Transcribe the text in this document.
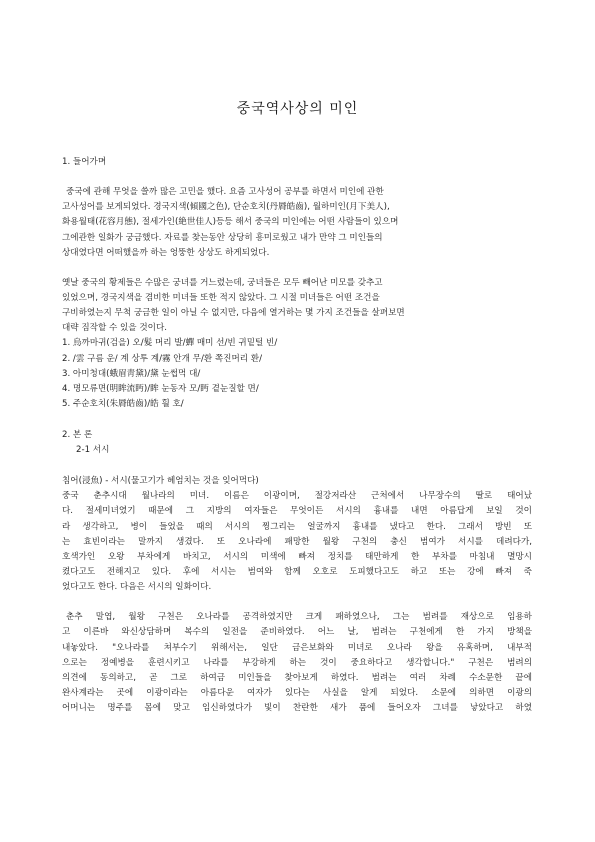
중국역사상의 미인
1. 들어가며
중국에 관해 무엇을 쓸까 많은 고민을 했다. 요즘 고사성어 공부를 하면서 미인에 관한
고사성어를 보게되었다. 경국지색(傾國之色), 단순호치(丹脣皓齒), 월하미인(月下美人),
화용월태(花容月態), 절세가인(絶世佳人)등등 해서 중국의 미인에는 어떤 사람들이 있으며
그에관한 일화가 궁금했다. 자료를 찾는동안 상당히 흥미로웠고 내가 만약 그 미인들의
상대였다면 어떠했을까 하는 엉뚱한 상상도 하게되었다.
옛날 중국의 황제들은 수많은 궁녀를 거느렸는데, 궁녀들은 모두 빼어난 미모를 갖추고
있었으며, 경국지색을 겸비한 미녀들 또한 적지 않았다. 그 시절 미녀들은 어떤 조건을
구비하였는지 무척 궁금한 일이 아닐 수 없지만, 다음에 열거하는 몇 가지 조건들을 살펴보면
대략 짐작할 수 있을 것이다.
1. 烏까마귀(검을) 오/髮 머리 발/蟬 매미 선/빈 귀밑털 빈/
2. /雲 구름 운/ 계 상투 계/霧 안개 무/환 쪽진머리 환/
3. 아미청대(蛾眉靑黛)/黛 눈썹먹 대/
4. 명모류면(明眸流眄)/眸 눈동자 모/眄 곁눈질할 면/
5. 주순호치(朱脣皓齒)/皓 흴 호/
2. 본 론
2-1 서시
침어(浸魚) - 서시(물고기가 헤엄치는 것을 잊어먹다)
중국 춘추시대 월나라의 미녀. 이름은 이광이며, 절강저라산 근처에서 나무장수의 딸로 태어났
다. 절세미녀였기 때문에 그 지방의 여자들은 무엇이든 서시의 흉내를 내면 아름답게 보일 것이
라 생각하고, 병이 들었을 때의 서시의 찡그리는 얼굴까지 흉내를 냈다고 한다. 그래서 방빈 또
는 효빈이라는 말까지 생겼다. 또 오나라에 패망한 월왕 구천의 충신 범여가 서시를 데려다가,
호색가인 오왕 부차에게 바치고, 서시의 미색에 빠져 정치를 태만하게 한 부차를 마침내 멸망시
켰다고도 전해지고 있다. 후에 서시는 범여와 함께 오호로 도피했다고도 하고 또는 강에 빠져 죽
었다고도 한다. 다음은 서시의 일화이다.
춘추 말엽, 월왕 구천은 오나라를 공격하였지만 크게 패하였으나, 그는 범려를 재상으로 임용하
고 이른바 와신상담하며 복수의 일전을 준비하였다. 어느 날, 범려는 구천에게 한 가지 방책을
내놓았다. "오나라를 쳐부수기 위해서는, 일단 금은보화와 미녀로 오나라 왕을 유혹하며, 내부적
으로는 정예병을 훈련시키고 나라를 부강하게 하는 것이 중요하다고 생각합니다." 구천은 범려의
의견에 동의하고, 곧 그로 하여금 미인들을 찾아보게 하였다. 범려는 여러 차례 수소문한 끝에
완사계라는 곳에 이광이라는 아름다운 여자가 있다는 사실을 알게 되었다. 소문에 의하면 이광의
어머니는 명주를 몸에 맞고 임신하였다가 빛이 찬란한 새가 품에 들어오자 그녀를 낳았다고 하였
